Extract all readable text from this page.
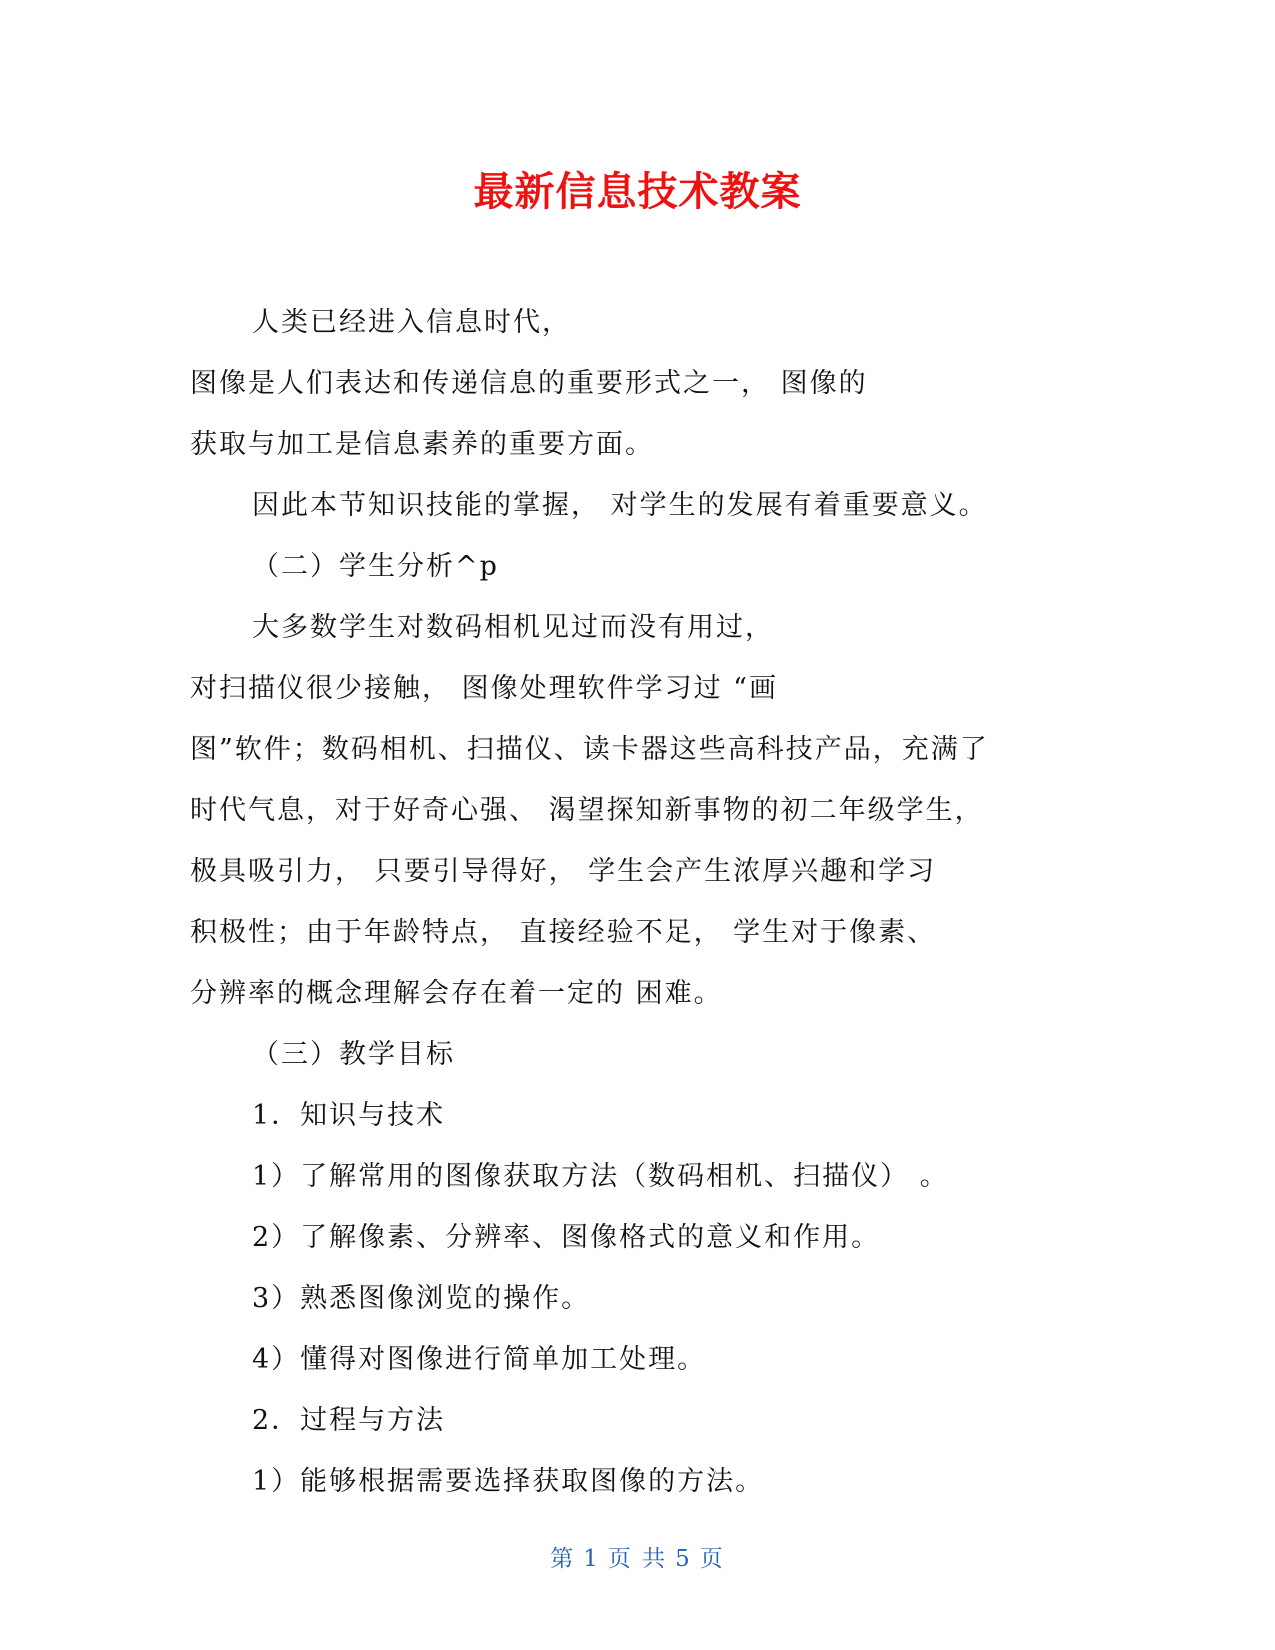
最新信息技术教案
人类已经进入信息时代，
图像是人们表达和传递信息的重要形式之一， 图像的
获取与加工是信息素养的重要方面。
因此本节知识技能的掌握， 对学生的发展有着重要意义。
（二）学生分析^p
大多数学生对数码相机见过而没有用过，
对扫描仪很少接触， 图像处理软件学习过 “画
图”软件；数码相机、扫描仪、读卡器这些高科技产品，充满了
时代气息，对于好奇心强、 渴望探知新事物的初二年级学生，
极具吸引力， 只要引导得好， 学生会产生浓厚兴趣和学习
积极性；由于年龄特点， 直接经验不足， 学生对于像素、
分辨率的概念理解会存在着一定的 困难。
（三）教学目标
1．知识与技术
1）了解常用的图像获取方法（数码相机、扫描仪） 。
2）了解像素、分辨率、图像格式的意义和作用。
3）熟悉图像浏览的操作。
4）懂得对图像进行简单加工处理。
2．过程与方法
1）能够根据需要选择获取图像的方法。
第 1 页 共 5 页
